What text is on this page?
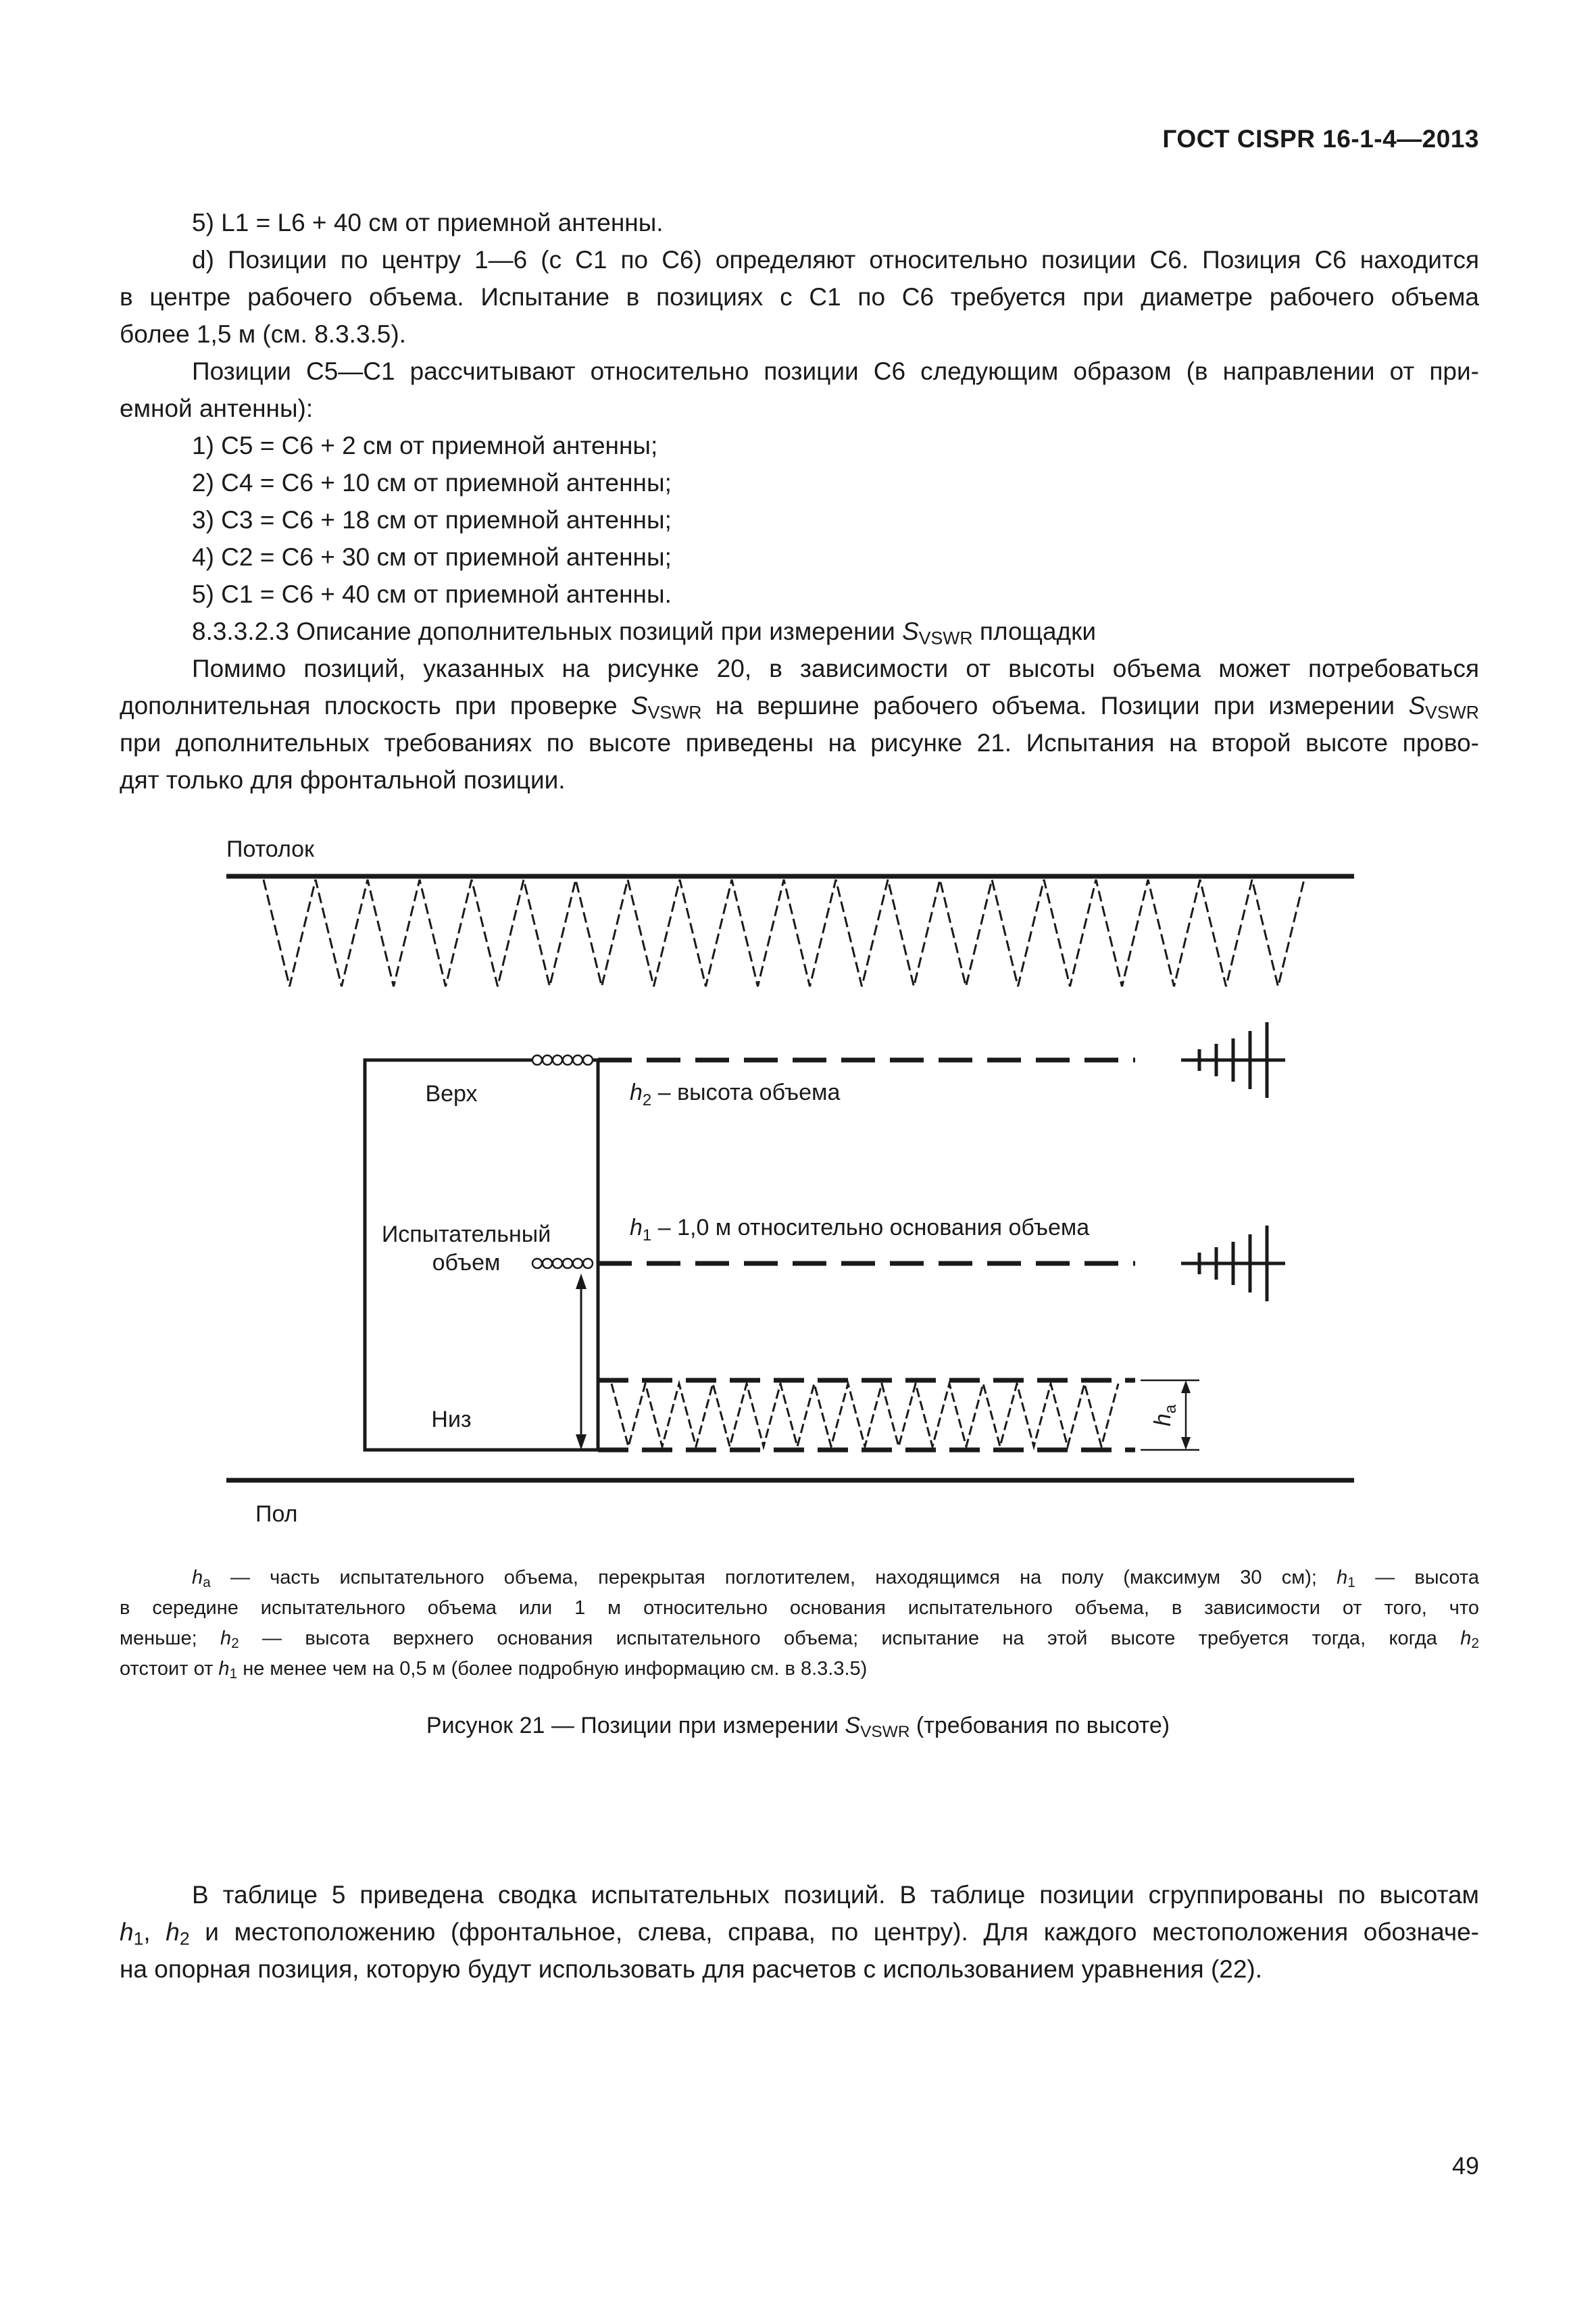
ГОСТ CISPR 16-1-4—2013
5) L1 = L6 + 40 см от приемной антенны.
d) Позиции по центру 1—6 (с C1 по C6) определяют относительно позиции C6. Позиция C6 находится
в центре рабочего объема. Испытание в позициях с C1 по C6 требуется при диаметре рабочего объема
более 1,5 м (см. 8.3.3.5).
Позиции C5—C1 рассчитывают относительно позиции C6 следующим образом (в направлении от при-
емной антенны):
1) C5 = C6 + 2 см от приемной антенны;
2) C4 = C6 + 10 см от приемной антенны;
3) C3 = C6 + 18 см от приемной антенны;
4) C2 = C6 + 30 см от приемной антенны;
5) C1 = C6 + 40 см от приемной антенны.
8.3.3.2.3 Описание дополнительных позиций при измерении $S_{VSWR}$ площадки
Помимо позиций, указанных на рисунке 20, в зависимости от высоты объема может потребоваться
дополнительная плоскость при проверке $S_{VSWR}$ на вершине рабочего объема. Позиции при измерении $S_{VSWR}$
при дополнительных требованиях по высоте приведены на рисунке 21. Испытания на второй высоте прово-
дят только для фронтальной позиции.
Потолок
Пол
Верх
Испытательный
объем
Низ
$h_2$ – высота объема
$h_1 - 1,0$ м относительно основания объема
$h_a$
$h_a$ — часть испытательного объема, перекрытая поглотителем, находящимся на полу (максимум 30 см); $h_1$ — высота
в середине испытательного объема или 1 м относительно основания испытательного объема, в зависимости от того, что
меньше; $h_2$ — высота верхнего основания испытательного объема; испытание на этой высоте требуется тогда, когда $h_2$
отстоит от $h_1$ не менее чем на 0,5 м (более подробную информацию см. в 8.3.3.5)
Рисунок 21 — Позиции при измерении $S_{VSWR}$ (требования по высоте)
В таблице 5 приведена сводка испытательных позиций. В таблице позиции сгруппированы по высотам
$h_1$, $h_2$ и местоположению (фронтальное, слева, справа, по центру). Для каждого местоположения обозначе-
на опорная позиция, которую будут использовать для расчетов с использованием уравнения (22).
49
